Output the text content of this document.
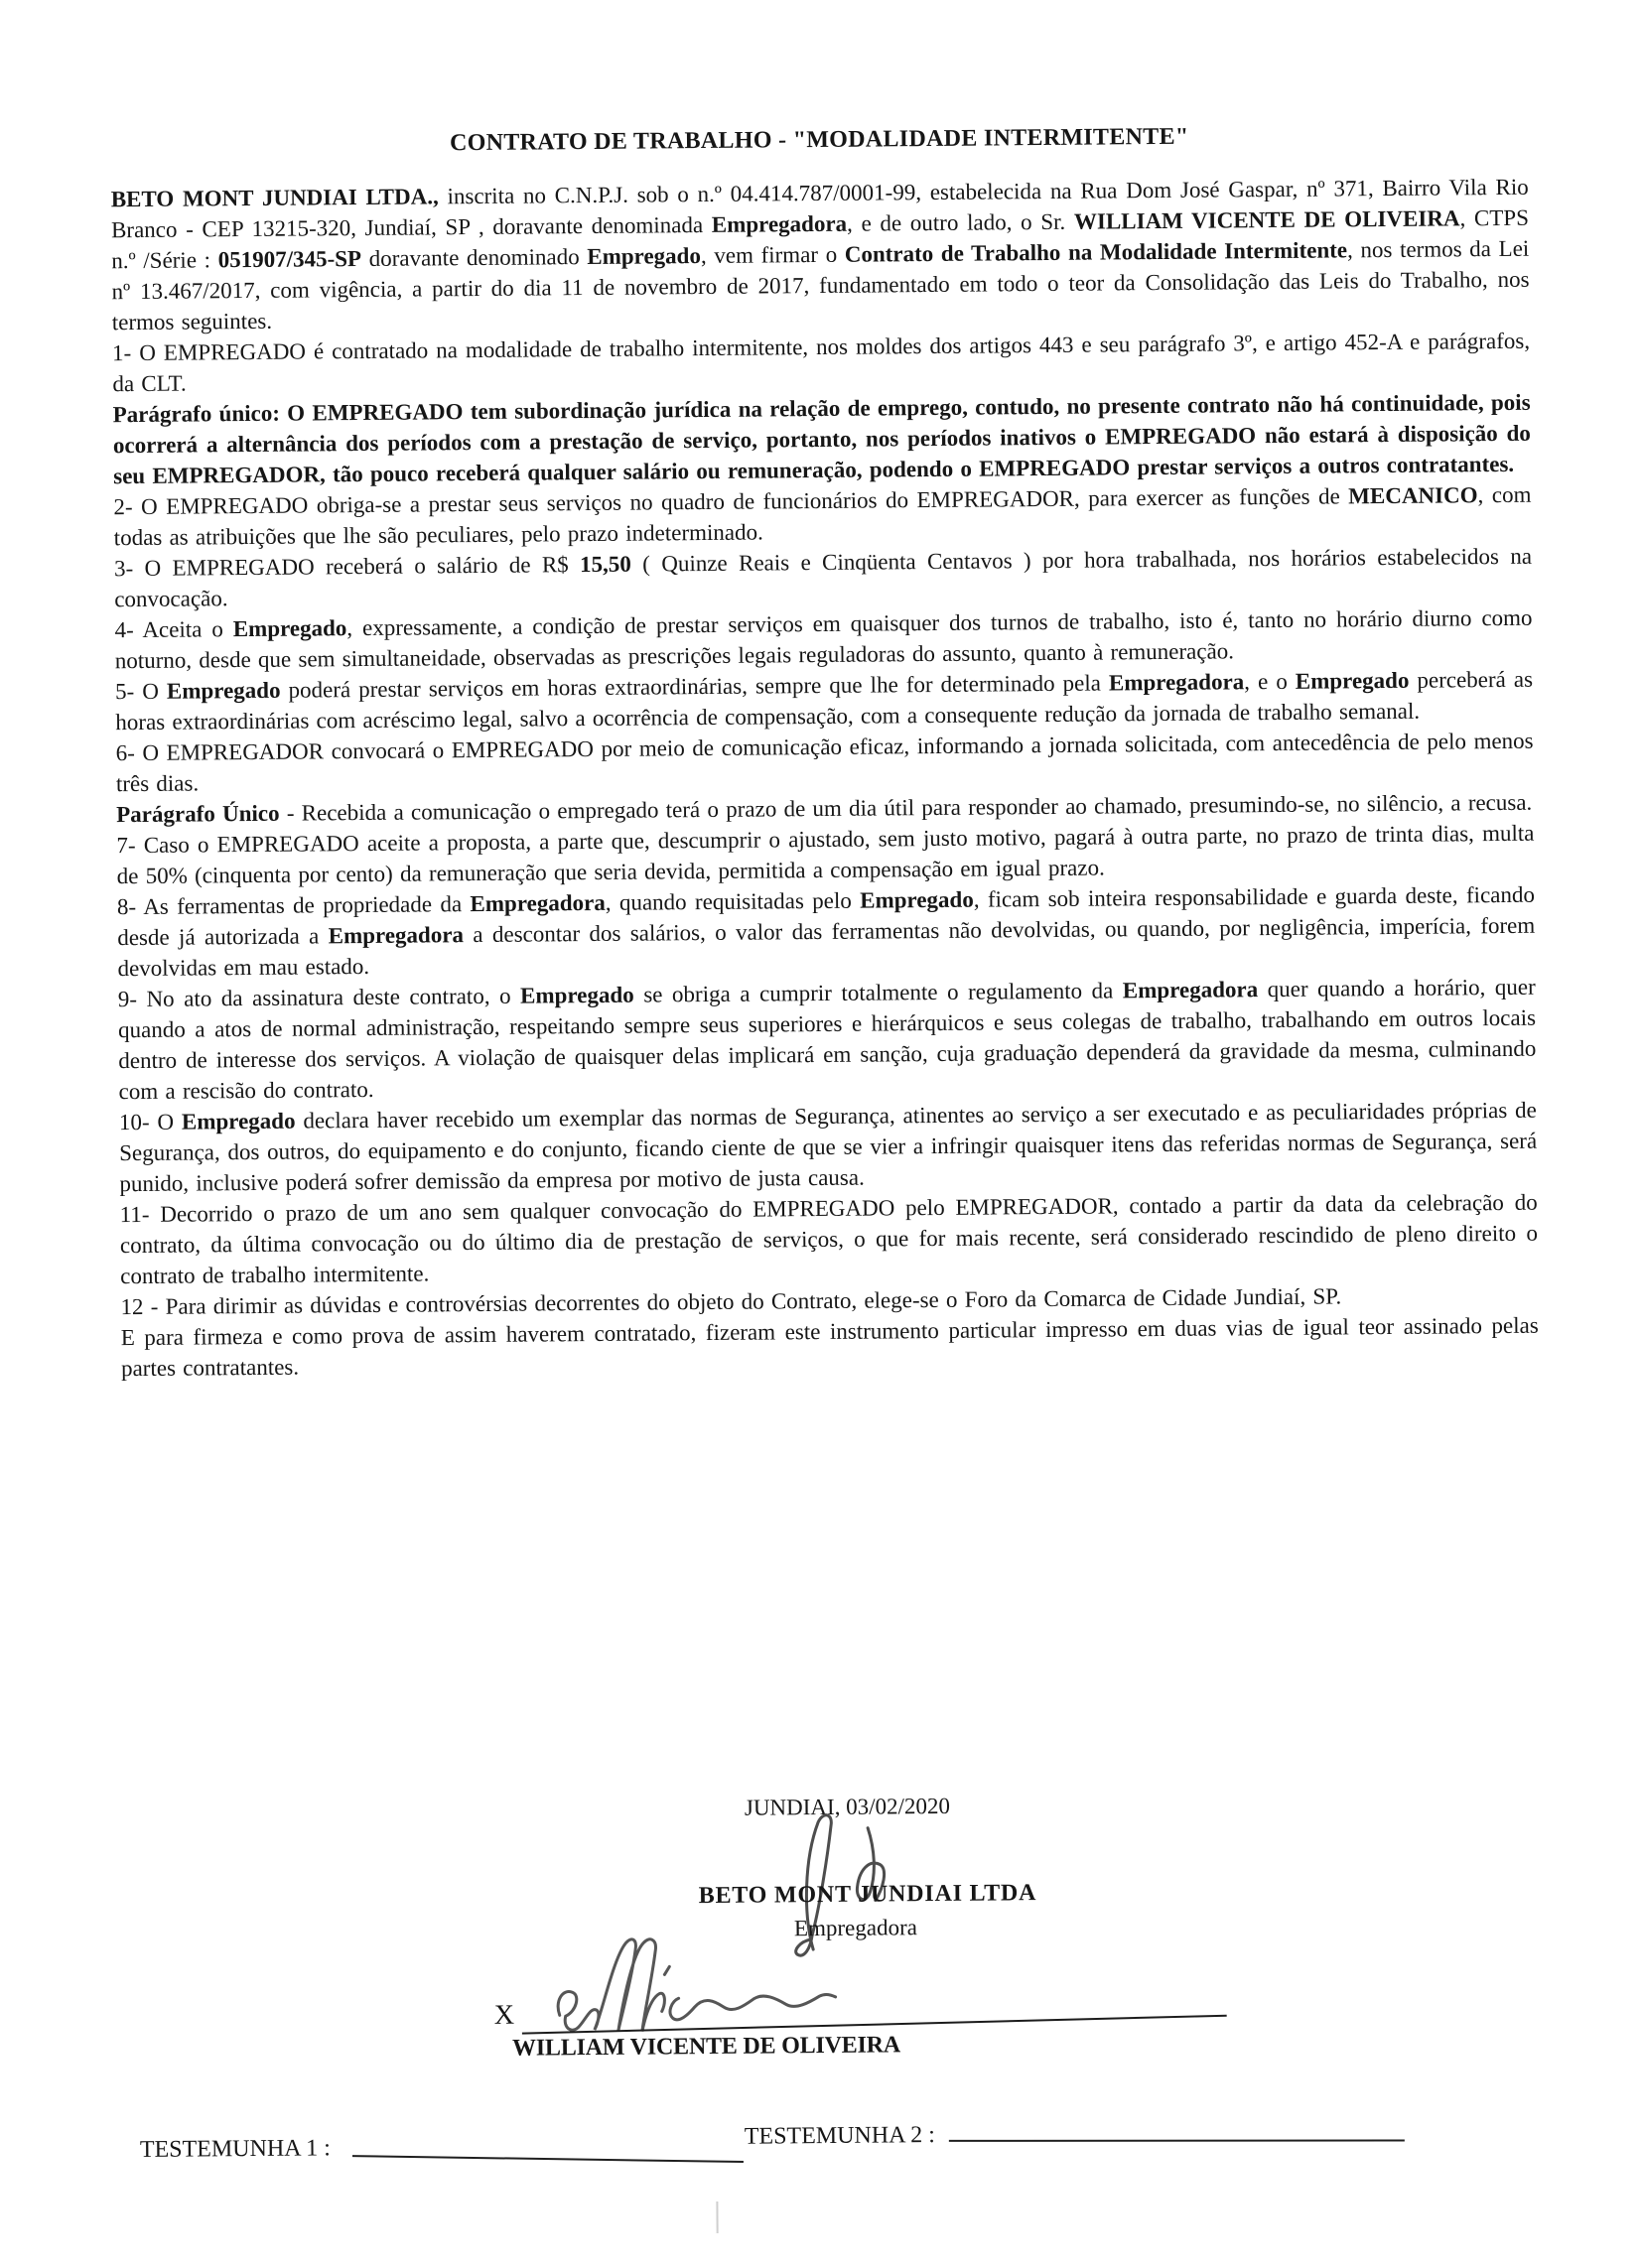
CONTRATO DE TRABALHO - "MODALIDADE INTERMITENTE"

BETO MONT JUNDIAI LTDA., inscrita no C.N.P.J. sob o n.º 04.414.787/0001-99, estabelecida na Rua Dom José Gaspar, nº 371, Bairro Vila Rio Branco - CEP 13215-320, Jundiaí, SP , doravante denominada Empregadora, e de outro lado, o Sr. WILLIAM VICENTE DE OLIVEIRA, CTPS n.º /Série : 051907/345-SP doravante denominado Empregado, vem firmar o Contrato de Trabalho na Modalidade Intermitente, nos termos da Lei nº 13.467/2017, com vigência, a partir do dia 11 de novembro de 2017, fundamentado em todo o teor da Consolidação das Leis do Trabalho, nos termos seguintes.

1- O EMPREGADO é contratado na modalidade de trabalho intermitente, nos moldes dos artigos 443 e seu parágrafo 3º, e artigo 452-A e parágrafos, da CLT.

Parágrafo único: O EMPREGADO tem subordinação jurídica na relação de emprego, contudo, no presente contrato não há continuidade, pois ocorrerá a alternância dos períodos com a prestação de serviço, portanto, nos períodos inativos o EMPREGADO não estará à disposição do seu EMPREGADOR, tão pouco receberá qualquer salário ou remuneração, podendo o EMPREGADO prestar serviços a outros contratantes.

2- O EMPREGADO obriga-se a prestar seus serviços no quadro de funcionários do EMPREGADOR, para exercer as funções de MECANICO, com todas as atribuições que lhe são peculiares, pelo prazo indeterminado.

3- O EMPREGADO receberá o salário de R$ 15,50 ( Quinze Reais e Cinqüenta Centavos ) por hora trabalhada, nos horários estabelecidos na convocação.

4- Aceita o Empregado, expressamente, a condição de prestar serviços em quaisquer dos turnos de trabalho, isto é, tanto no horário diurno como noturno, desde que sem simultaneidade, observadas as prescrições legais reguladoras do assunto, quanto à remuneração.

5- O Empregado poderá prestar serviços em horas extraordinárias, sempre que lhe for determinado pela Empregadora, e o Empregado perceberá as horas extraordinárias com acréscimo legal, salvo a ocorrência de compensação, com a consequente redução da jornada de trabalho semanal.

6- O EMPREGADOR convocará o EMPREGADO por meio de comunicação eficaz, informando a jornada solicitada, com antecedência de pelo menos três dias.

Parágrafo Único - Recebida a comunicação o empregado terá o prazo de um dia útil para responder ao chamado, presumindo-se, no silêncio, a recusa.

7- Caso o EMPREGADO aceite a proposta, a parte que, descumprir o ajustado, sem justo motivo, pagará à outra parte, no prazo de trinta dias, multa de 50% (cinquenta por cento) da remuneração que seria devida, permitida a compensação em igual prazo.

8- As ferramentas de propriedade da Empregadora, quando requisitadas pelo Empregado, ficam sob inteira responsabilidade e guarda deste, ficando desde já autorizada a Empregadora a descontar dos salários, o valor das ferramentas não devolvidas, ou quando, por negligência, imperícia, forem devolvidas em mau estado.

9- No ato da assinatura deste contrato, o Empregado se obriga a cumprir totalmente o regulamento da Empregadora quer quando a horário, quer quando a atos de normal administração, respeitando sempre seus superiores e hierárquicos e seus colegas de trabalho, trabalhando em outros locais dentro de interesse dos serviços. A violação de quaisquer delas implicará em sanção, cuja graduação dependerá da gravidade da mesma, culminando com a rescisão do contrato.

10- O Empregado declara haver recebido um exemplar das normas de Segurança, atinentes ao serviço a ser executado e as peculiaridades próprias de Segurança, dos outros, do equipamento e do conjunto, ficando ciente de que se vier a infringir quaisquer itens das referidas normas de Segurança, será punido, inclusive poderá sofrer demissão da empresa por motivo de justa causa.

11- Decorrido o prazo de um ano sem qualquer convocação do EMPREGADO pelo EMPREGADOR, contado a partir da data da celebração do contrato, da última convocação ou do último dia de prestação de serviços, o que for mais recente, será considerado rescindido de pleno direito o contrato de trabalho intermitente.

12 - Para dirimir as dúvidas e controvérsias decorrentes do objeto do Contrato, elege-se o Foro da Comarca de Cidade Jundiaí, SP.
E para firmeza e como prova de assim haverem contratado, fizeram este instrumento particular impresso em duas vias de igual teor assinado pelas partes contratantes.

JUNDIAI, 03/02/2020
BETO MONT JUNDIAI LTDA
Empregadora
X
WILLIAM VICENTE DE OLIVEIRA
TESTEMUNHA 1 :	TESTEMUNHA 2 :
